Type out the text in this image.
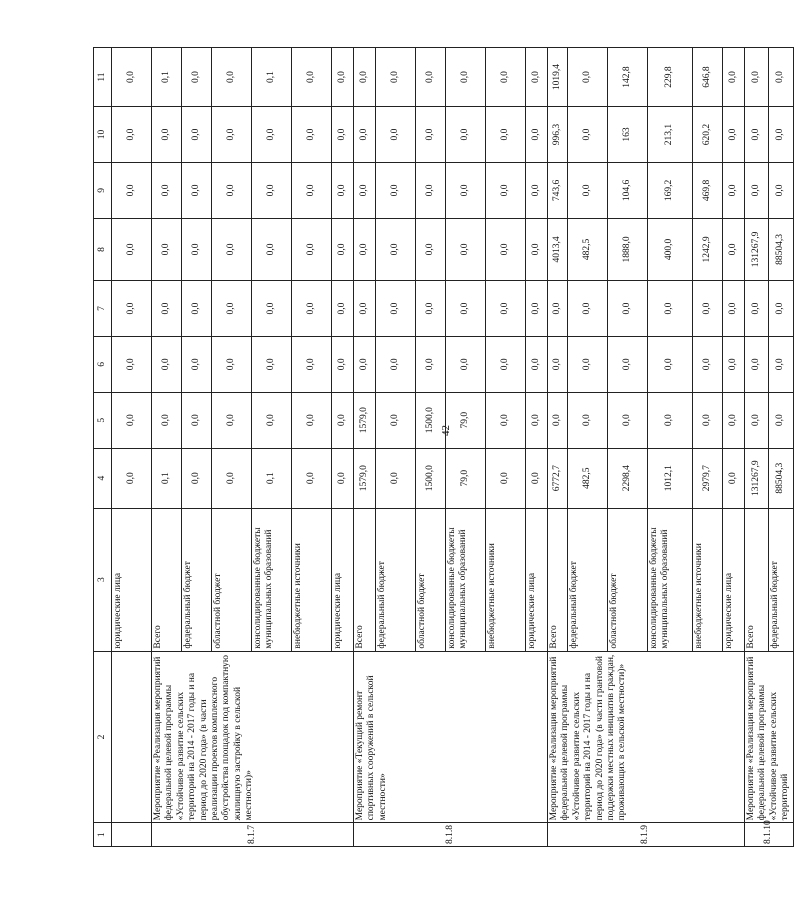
42
1	2	3	4	5	6	7	8	9	10	11
		юридические лица	0,0	0,0	0,0	0,0	0,0	0,0	0,0	0,0
8.1.7	Мероприятие «Реализация мероприятий федеральной целевой программы «Устойчивое развитие сельских территорий на 2014 - 2017 годы и на период до 2020 года» (в части реализации проектов комплексного обустройства площадок под компактную жилищную застройку в сельской местности)»	Всего	0,1	0,0	0,0	0,0	0,0	0,0	0,0	0,1
		федеральный бюджет	0,0	0,0	0,0	0,0	0,0	0,0	0,0	0,0
		областной бюджет	0,0	0,0	0,0	0,0	0,0	0,0	0,0	0,0
		консолидированные бюджеты муниципальных образований	0,1	0,0	0,0	0,0	0,0	0,0	0,0	0,1
		внебюджетные источники	0,0	0,0	0,0	0,0	0,0	0,0	0,0	0,0
		юридические лица	0,0	0,0	0,0	0,0	0,0	0,0	0,0	0,0
8.1.8	Мероприятие «Текущий ремонт спортивных сооружений в сельской местности»	Всего	1579,0	1579,0	0,0	0,0	0,0	0,0	0,0	0,0
		федеральный бюджет	0,0	0,0	0,0	0,0	0,0	0,0	0,0	0,0
		областной бюджет	1500,0	1500,0	0,0	0,0	0,0	0,0	0,0	0,0
		консолидированные бюджеты муниципальных образований	79,0	79,0	0,0	0,0	0,0	0,0	0,0	0,0
		внебюджетные источники	0,0	0,0	0,0	0,0	0,0	0,0	0,0	0,0
		юридические лица	0,0	0,0	0,0	0,0	0,0	0,0	0,0	0,0
8.1.9	Мероприятие «Реализация мероприятий федеральной целевой программы «Устойчивое развитие сельских территорий на 2014 - 2017 годы и на период до 2020 года» (в части грантовой поддержки местных инициатив граждан, проживающих в сельской местности)»	Всего	6772,7	0,0	0,0	0,0	4013,4	743,6	996,3	1019,4
		федеральный бюджет	482,5	0,0	0,0	0,0	482,5	0,0	0,0	0,0
		областной бюджет	2298,4	0,0	0,0	0,0	1888,0	104,6	163	142,8
		консолидированные бюджеты муниципальных образований	1012,1	0,0	0,0	0,0	400,0	169,2	213,1	229,8
		внебюджетные источники	2979,7	0,0	0,0	0,0	1242,9	469,8	620,2	646,8
		юридические лица	0,0	0,0	0,0	0,0	0,0	0,0	0,0	0,0
8.1.10	Мероприятие «Реализация мероприятий федеральной целевой программы «Устойчивое развитие сельских территорий	Всего	131267,9	0,0	0,0	0,0	131267,9	0,0	0,0	0,0
		федеральный бюджет	88504,3	0,0	0,0	0,0	88504,3	0,0	0,0	0,0
